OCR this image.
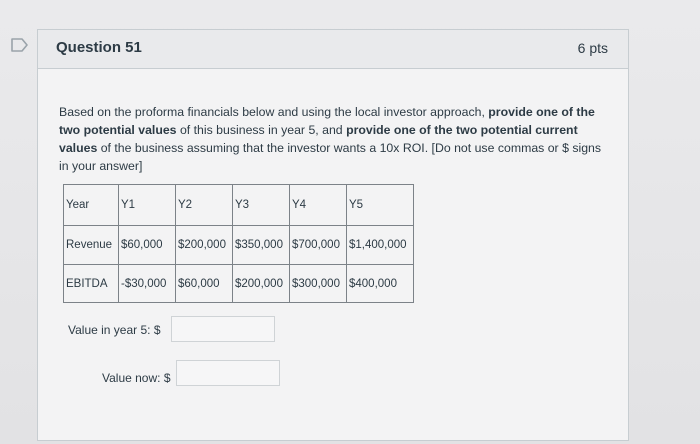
Question 51	6 pts
Based on the proforma financials below and using the local investor approach, provide one of the two potential values of this business in year 5, and provide one of the two potential current values of the business assuming that the investor wants a 10x ROI. [Do not use commas or $ signs in your answer]
Year	Y1	Y2	Y3	Y4	Y5
Revenue	$60,000	$200,000	$350,000	$700,000	$1,400,000
EBITDA	-$30,000	$60,000	$200,000	$300,000	$400,000
Value in year 5: $
Value now: $
